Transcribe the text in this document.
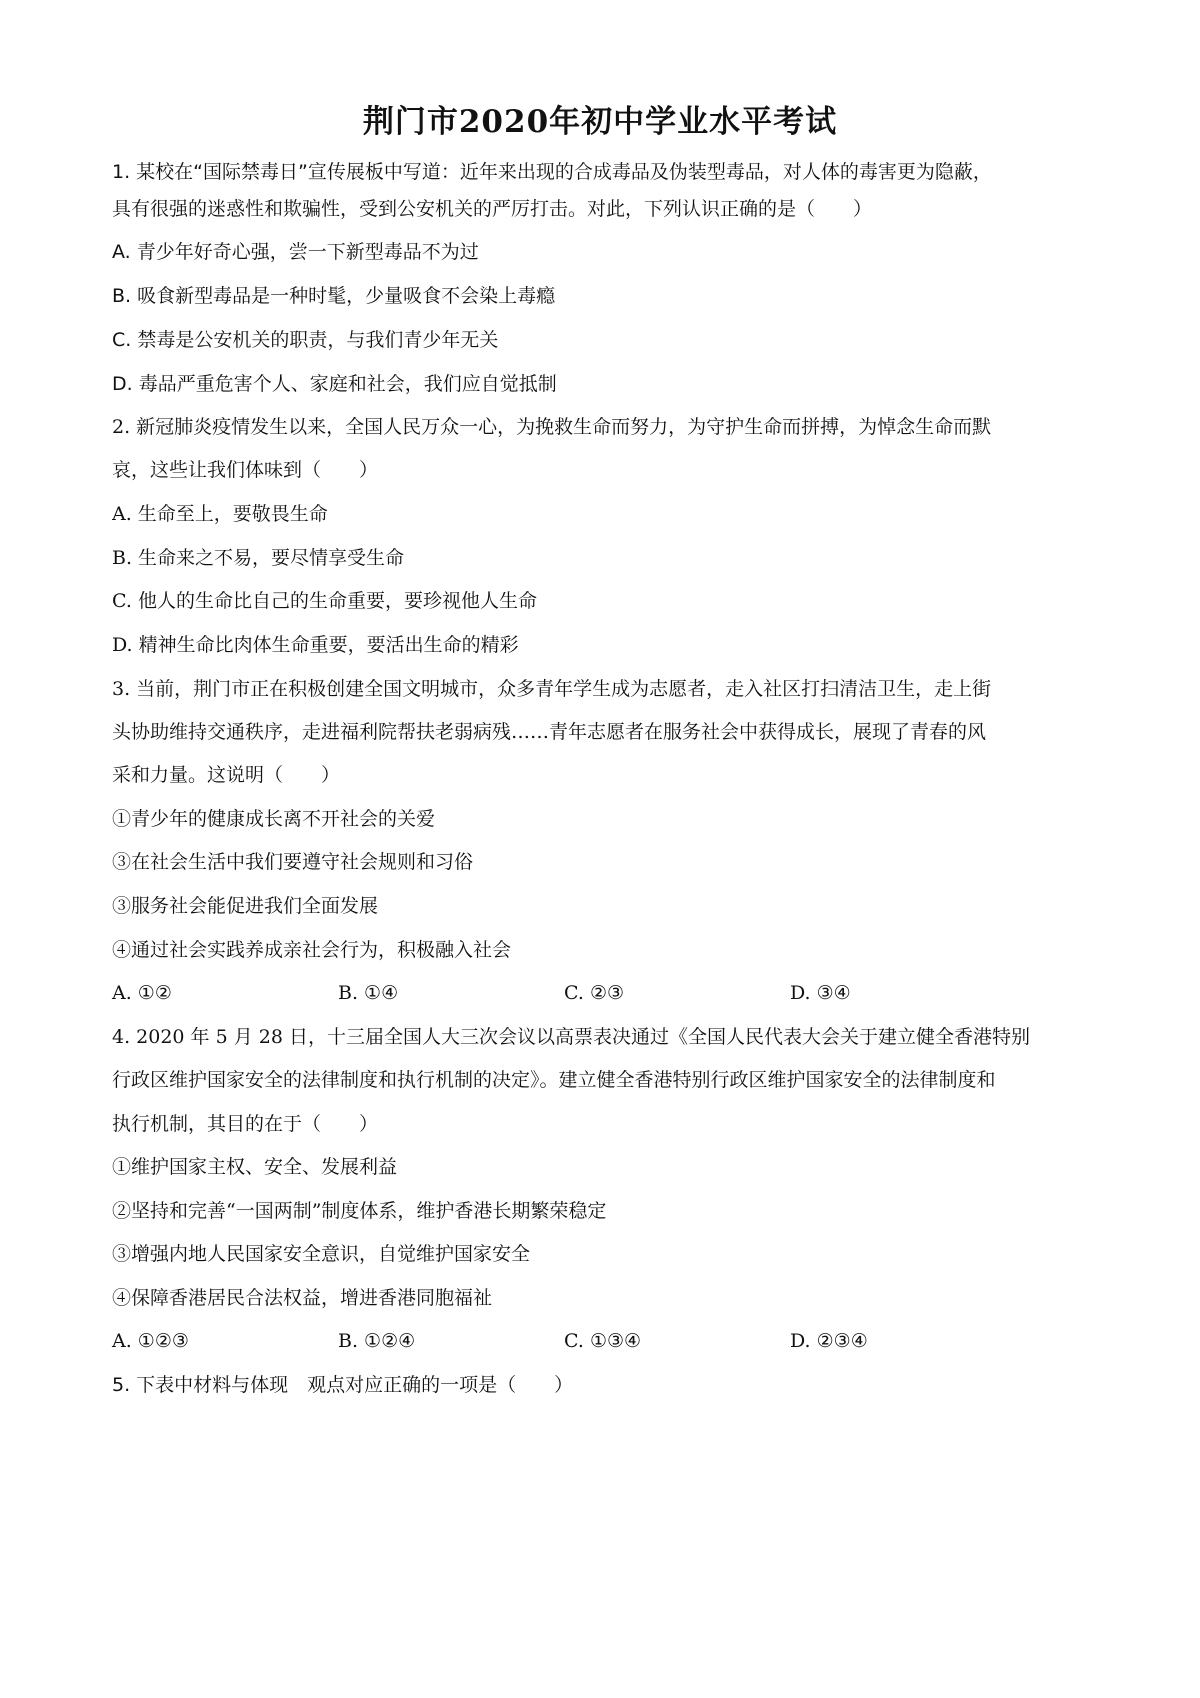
荆门市2020年初中学业水平考试
1. 某校在“国际禁毒日”宣传展板中写道：近年来出现的合成毒品及伪装型毒品，对人体的毒害更为隐蔽，
具有很强的迷惑性和欺骗性，受到公安机关的严厉打击。对此，下列认识正确的是（　　）
A. 青少年好奇心强，尝一下新型毒品不为过
B. 吸食新型毒品是一种时髦，少量吸食不会染上毒瘾
C. 禁毒是公安机关的职责，与我们青少年无关
D. 毒品严重危害个人、家庭和社会，我们应自觉抵制
2. 新冠肺炎疫情发生以来，全国人民万众一心，为挽救生命而努力，为守护生命而拼搏，为悼念生命而默
哀，这些让我们体味到（　　）
A. 生命至上，要敬畏生命
B. 生命来之不易，要尽情享受生命
C. 他人的生命比自己的生命重要，要珍视他人生命
D. 精神生命比肉体生命重要，要活出生命的精彩
3. 当前，荆门市正在积极创建全国文明城市，众多青年学生成为志愿者，走入社区打扫清洁卫生，走上街
头协助维持交通秩序，走进福利院帮扶老弱病残……青年志愿者在服务社会中获得成长，展现了青春的风
采和力量。这说明（　　）
①青少年的健康成长离不开社会的关爱
③在社会生活中我们要遵守社会规则和习俗
③服务社会能促进我们全面发展
④通过社会实践养成亲社会行为，积极融入社会
A. ①②	B. ①④	C. ②③	D. ③④
4. 2020 年 5 月 28 日，十三届全国人大三次会议以高票表决通过《全国人民代表大会关于建立健全香港特别
行政区维护国家安全的法律制度和执行机制的决定》。建立健全香港特别行政区维护国家安全的法律制度和
执行机制，其目的在于（　　）
①维护国家主权、安全、发展利益
②坚持和完善“一国两制”制度体系，维护香港长期繁荣稳定
③增强内地人民国家安全意识，自觉维护国家安全
④保障香港居民合法权益，增进香港同胞福祉
A. ①②③	B. ①②④	C. ①③④	D. ②③④
5. 下表中材料与体现　观点对应正确的一项是（　　）
